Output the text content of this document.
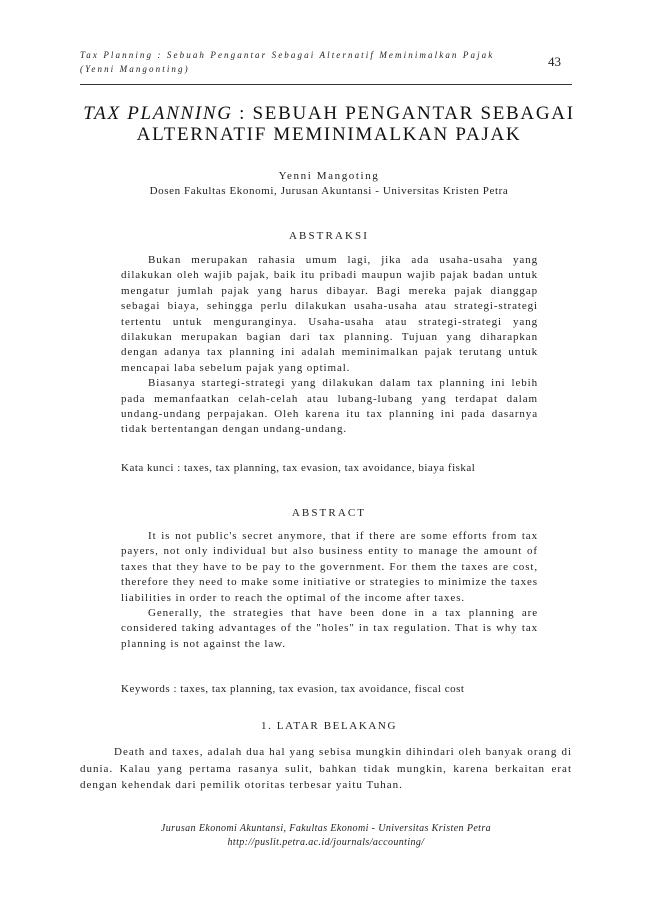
Tax Planning : Sebuah Pengantar Sebagai Alternatif Meminimalkan Pajak
(Yenni Mangonting)	43
TAX PLANNING : SEBUAH PENGANTAR SEBAGAI
ALTERNATIF MEMINIMALKAN PAJAK
Yenni Mangoting
Dosen Fakultas Ekonomi, Jurusan Akuntansi - Universitas Kristen Petra
ABSTRAKSI

Bukan merupakan rahasia umum lagi, jika ada usaha-usaha yang dilakukan oleh wajib pajak, baik itu pribadi maupun wajib pajak badan untuk mengatur jumlah pajak yang harus dibayar. Bagi mereka pajak dianggap sebagai biaya, sehingga perlu dilakukan usaha-usaha atau strategi-strategi tertentu untuk menguranginya. Usaha-usaha atau strategi-strategi yang dilakukan merupakan bagian dari tax planning. Tujuan yang diharapkan dengan adanya tax planning ini adalah meminimalkan pajak terutang untuk mencapai laba sebelum pajak yang optimal.

Biasanya startegi-strategi yang dilakukan dalam tax planning ini lebih pada memanfaatkan celah-celah atau lubang-lubang yang terdapat dalam undang-undang perpajakan. Oleh karena itu tax planning ini pada dasarnya tidak bertentangan dengan undang-undang.

Kata kunci : taxes, tax planning, tax evasion, tax avoidance, biaya fiskal
ABSTRACT

It is not public's secret anymore, that if there are some efforts from tax payers, not only individual but also business entity to manage the amount of taxes that they have to be pay to the government. For them the taxes are cost, therefore they need to make some initiative or strategies to minimize the taxes liabilities in order to reach the optimal of the income after taxes.

Generally, the strategies that have been done in a tax planning are considered taking advantages of the "holes" in tax regulation. That is why tax planning is not against the law.

Keywords : taxes, tax planning, tax evasion, tax avoidance, fiscal cost
1. LATAR BELAKANG

Death and taxes, adalah dua hal yang sebisa mungkin dihindari oleh banyak orang di dunia. Kalau yang pertama rasanya sulit, bahkan tidak mungkin, karena berkaitan erat dengan kehendak dari pemilik otoritas terbesar yaitu Tuhan.

Jurusan Ekonomi Akuntansi, Fakultas Ekonomi - Universitas Kristen Petra
http://puslit.petra.ac.id/journals/accounting/
